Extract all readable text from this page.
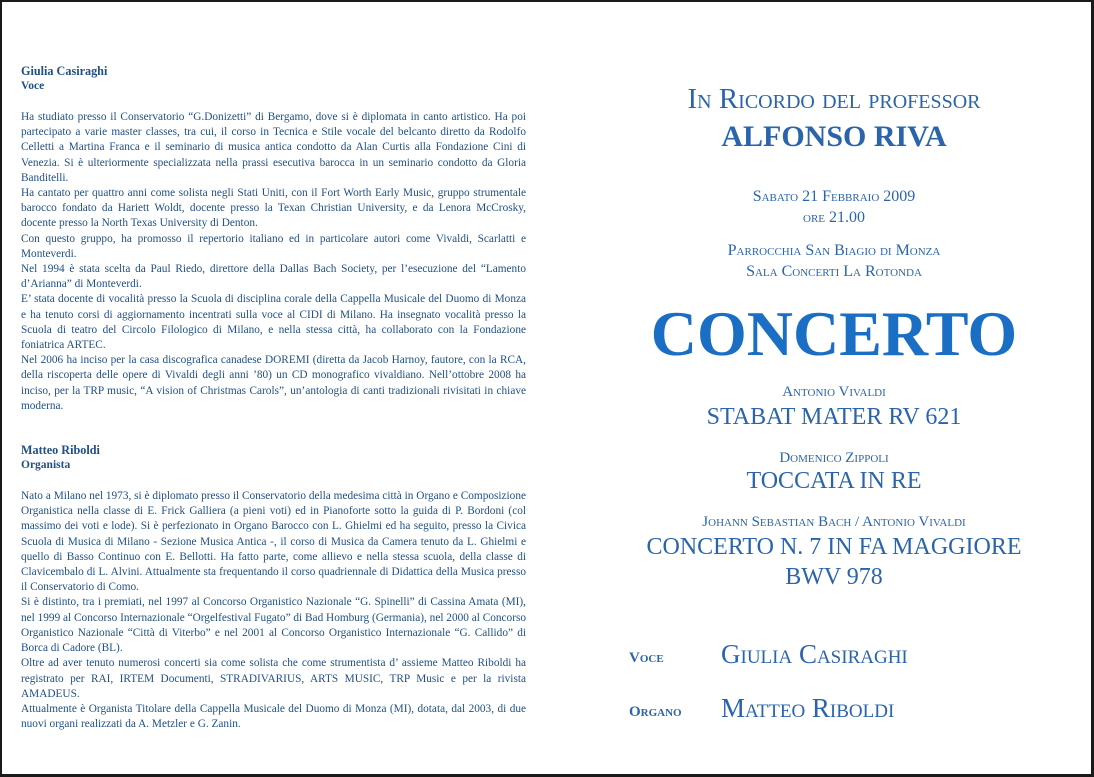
Giulia Casiraghi
Voce

Ha studiato presso il Conservatorio “G.Donizetti” di Bergamo, dove si è diplomata in canto artistico. Ha poi partecipato a varie master classes, tra cui, il corso in Tecnica e Stile vocale del belcanto diretto da Rodolfo Celletti a Martina Franca e il seminario di musica antica condotto da Alan Curtis alla Fondazione Cini di Venezia. Si è ulteriormente specializzata nella prassi esecutiva barocca in un seminario condotto da Gloria Banditelli.

Ha cantato per quattro anni come solista negli Stati Uniti, con il Fort Worth Early Music, gruppo strumentale barocco fondato da Hariett Woldt, docente presso la Texan Christian University, e da Lenora McCrosky, docente presso la North Texas University di Denton.

Con questo gruppo, ha promosso il repertorio italiano ed in particolare autori come Vivaldi, Scarlatti e Monteverdi.

Nel 1994 è stata scelta da Paul Riedo, direttore della Dallas Bach Society, per l’esecuzione del “Lamento d’Arianna” di Monteverdi.

E’ stata docente di vocalità presso la Scuola di disciplina corale della Cappella Musicale del Duomo di Monza e ha tenuto corsi di aggiornamento incentrati sulla voce al CIDI di Milano. Ha insegnato vocalità presso la Scuola di teatro del Circolo Filologico di Milano, e nella stessa città, ha collaborato con la Fondazione foniatrica ARTEC.

Nel 2006 ha inciso per la casa discografica canadese DOREMI (diretta da Jacob Harnoy, fautore, con la RCA, della riscoperta delle opere di Vivaldi degli anni ’80) un CD monografico vivaldiano. Nell’ottobre 2008 ha inciso, per la TRP music, “A vision of Christmas Carols”, un’antologia di canti tradizionali rivisitati in chiave moderna.

Matteo Riboldi
Organista

Nato a Milano nel 1973, si è diplomato presso il Conservatorio della medesima città in Organo e Composizione Organistica nella classe di E. Frick Galliera (a pieni voti) ed in Pianoforte sotto la guida di P. Bordoni (col massimo dei voti e lode). Si è perfezionato in Organo Barocco con L. Ghielmi ed ha seguito, presso la Civica Scuola di Musica di Milano - Sezione Musica Antica -, il corso di Musica da Camera tenuto da L. Ghielmi e quello di Basso Continuo con E. Bellotti. Ha fatto parte, come allievo e nella stessa scuola, della classe di Clavicembalo di L. Alvini. Attualmente sta frequentando il corso quadriennale di Didattica della Musica presso il Conservatorio di Como.

Si è distinto, tra i premiati, nel 1997 al Concorso Organistico Nazionale “G. Spinelli” di Cassina Amata (MI), nel 1999 al Concorso Internazionale “Orgelfestival Fugato” di Bad Homburg (Germania), nel 2000 al Concorso Organistico Nazionale “Città di Viterbo” e nel 2001 al Concorso Organistico Internazionale “G. Callido” di Borca di Cadore (BL).

Oltre ad aver tenuto numerosi concerti sia come solista che come strumentista d’ assieme Matteo Riboldi ha registrato per RAI, IRTEM Documenti, STRADIVARIUS, ARTS MUSIC, TRP Music e per la rivista AMADEUS.

Attualmente è Organista Titolare della Cappella Musicale del Duomo di Monza (MI), dotata, dal 2003, di due nuovi organi realizzati da A. Metzler e G. Zanin.

In Ricordo del professor
ALFONSO RIVA
Sabato 21 Febbraio 2009
ore 21.00
Parrocchia San Biagio di Monza
Sala Concerti La Rotonda
CONCERTO
Antonio Vivaldi
STABAT MATER RV 621
Domenico Zippoli
TOCCATA IN RE
Johann Sebastian Bach / Antonio Vivaldi
CONCERTO N. 7 IN FA MAGGIORE
BWV 978
Voce Giulia Casiraghi
Organo Matteo Riboldi
